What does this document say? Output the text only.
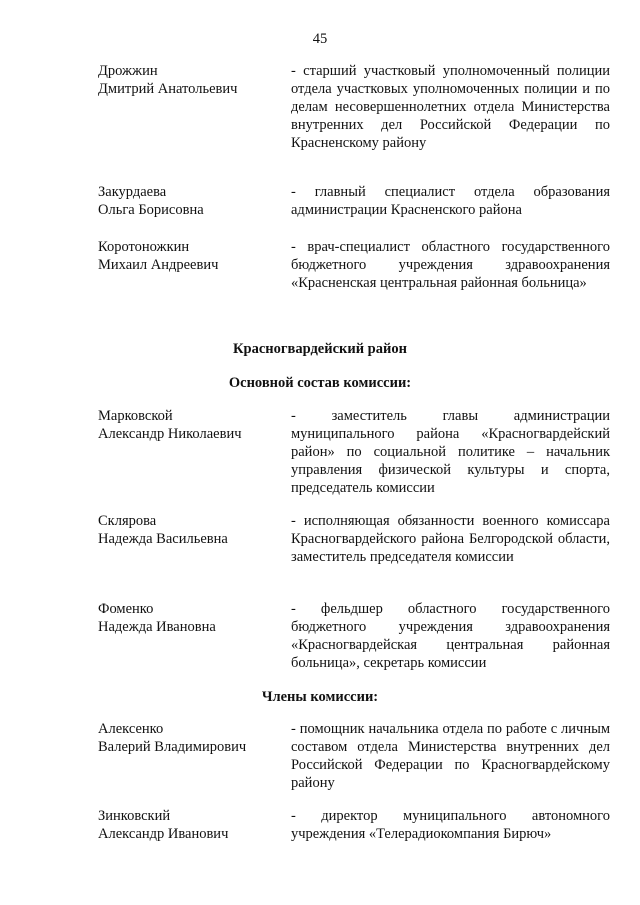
45
Дрожжин
Дмитрий Анатольевич
- старший участковый уполномоченный полиции отдела участковых уполномоченных полиции и по делам несовершеннолетних отдела Министерства внутренних дел Российской Федерации по Красненскому району
Закурдаева
Ольга Борисовна
- главный специалист отдела образования администрации Красненского района
Коротоножкин
Михаил Андреевич
- врач-специалист областного государственного бюджетного учреждения здравоохранения «Красненская центральная районная больница»
Красногвардейский район
Основной состав комиссии:
Марковской
Александр Николаевич
- заместитель главы администрации муниципального района «Красногвардейский район» по социальной политике – начальник управления физической культуры и спорта, председатель комиссии
Склярова
Надежда Васильевна
- исполняющая обязанности военного комиссара Красногвардейского района Белгородской области, заместитель председателя комиссии
Фоменко
Надежда Ивановна
- фельдшер областного государственного бюджетного учреждения здравоохранения «Красногвардейская центральная районная больница», секретарь комиссии
Члены комиссии:
Алексенко
Валерий Владимирович
- помощник начальника отдела по работе с личным составом отдела Министерства внутренних дел Российской Федерации по Красногвардейскому району
Зинковский
Александр Иванович
- директор муниципального автономного учреждения «Телерадиокомпания Бирюч»
